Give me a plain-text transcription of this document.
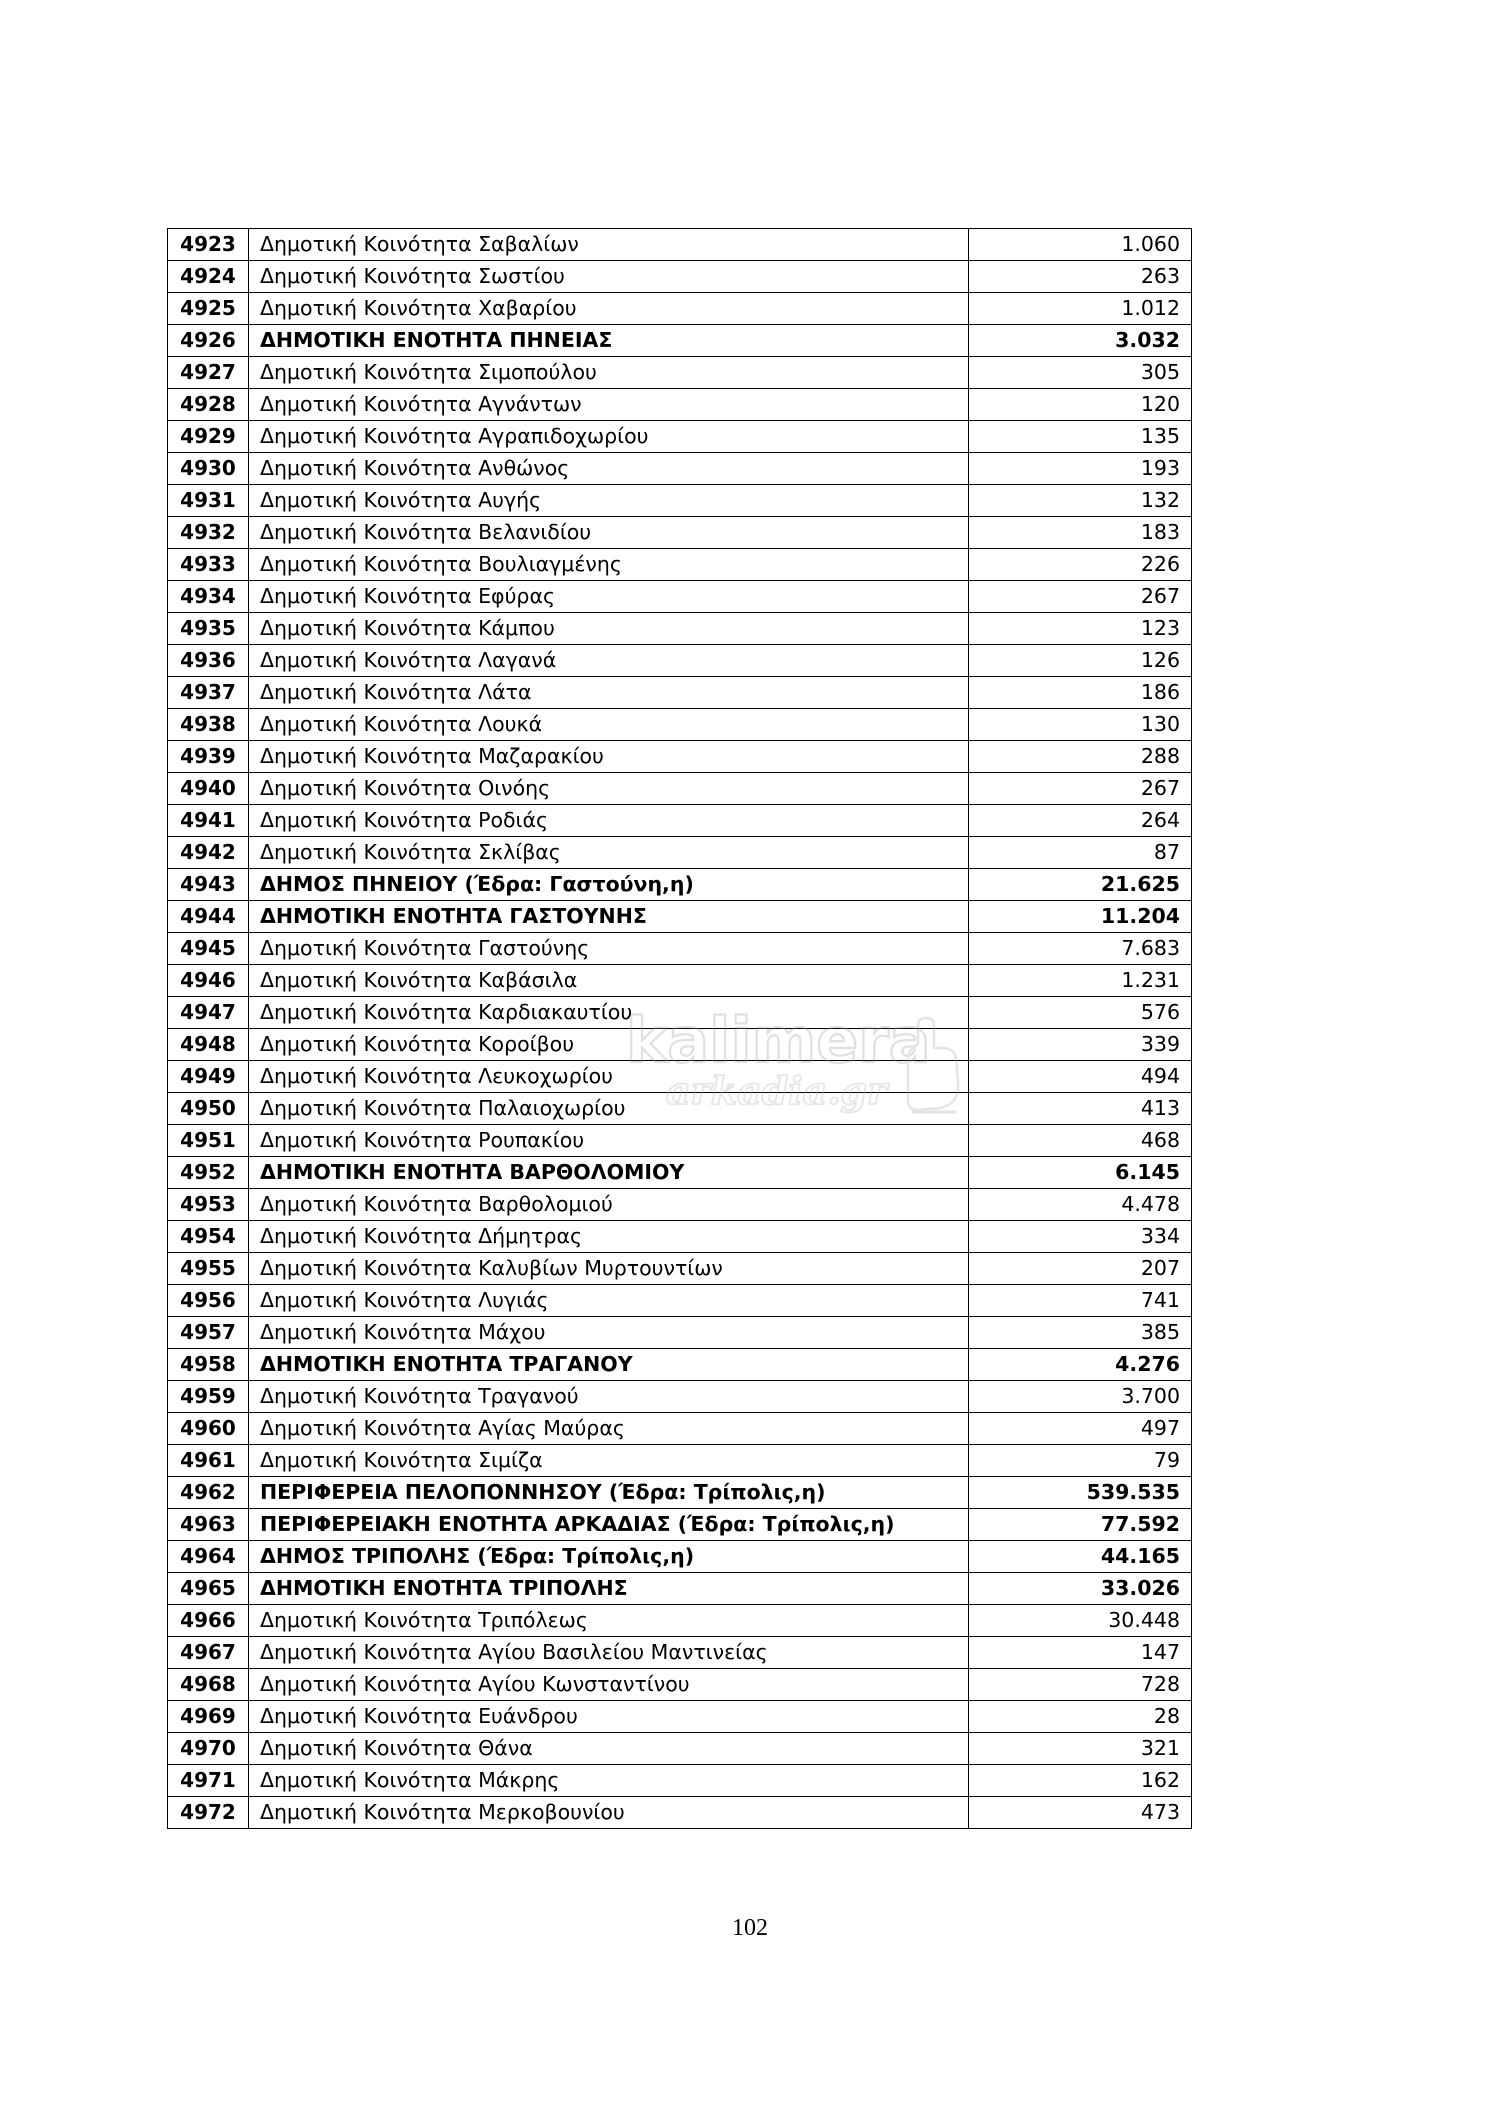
kalimera
arkadia.gr
4923	Δημοτική Κοινότητα Σαβαλίων	1.060
4924	Δημοτική Κοινότητα Σωστίου	263
4925	Δημοτική Κοινότητα Χαβαρίου	1.012
4926	ΔΗΜΟΤΙΚΗ ΕΝΟΤΗΤΑ ΠΗΝΕΙΑΣ	3.032
4927	Δημοτική Κοινότητα Σιμοπούλου	305
4928	Δημοτική Κοινότητα Αγνάντων	120
4929	Δημοτική Κοινότητα Αγραπιδοχωρίου	135
4930	Δημοτική Κοινότητα Ανθώνος	193
4931	Δημοτική Κοινότητα Αυγής	132
4932	Δημοτική Κοινότητα Βελανιδίου	183
4933	Δημοτική Κοινότητα Βουλιαγμένης	226
4934	Δημοτική Κοινότητα Εφύρας	267
4935	Δημοτική Κοινότητα Κάμπου	123
4936	Δημοτική Κοινότητα Λαγανά	126
4937	Δημοτική Κοινότητα Λάτα	186
4938	Δημοτική Κοινότητα Λουκά	130
4939	Δημοτική Κοινότητα Μαζαρακίου	288
4940	Δημοτική Κοινότητα Οινόης	267
4941	Δημοτική Κοινότητα Ροδιάς	264
4942	Δημοτική Κοινότητα Σκλίβας	87
4943	ΔΗΜΟΣ ΠΗΝΕΙΟΥ (Έδρα: Γαστούνη,η)	21.625
4944	ΔΗΜΟΤΙΚΗ ΕΝΟΤΗΤΑ ΓΑΣΤΟΥΝΗΣ	11.204
4945	Δημοτική Κοινότητα Γαστούνης	7.683
4946	Δημοτική Κοινότητα Καβάσιλα	1.231
4947	Δημοτική Κοινότητα Καρδιακαυτίου	576
4948	Δημοτική Κοινότητα Κοροίβου	339
4949	Δημοτική Κοινότητα Λευκοχωρίου	494
4950	Δημοτική Κοινότητα Παλαιοχωρίου	413
4951	Δημοτική Κοινότητα Ρουπακίου	468
4952	ΔΗΜΟΤΙΚΗ ΕΝΟΤΗΤΑ ΒΑΡΘΟΛΟΜΙΟΥ	6.145
4953	Δημοτική Κοινότητα Βαρθολομιού	4.478
4954	Δημοτική Κοινότητα Δήμητρας	334
4955	Δημοτική Κοινότητα Καλυβίων Μυρτουντίων	207
4956	Δημοτική Κοινότητα Λυγιάς	741
4957	Δημοτική Κοινότητα Μάχου	385
4958	ΔΗΜΟΤΙΚΗ ΕΝΟΤΗΤΑ ΤΡΑΓΑΝΟΥ	4.276
4959	Δημοτική Κοινότητα Τραγανού	3.700
4960	Δημοτική Κοινότητα Αγίας Μαύρας	497
4961	Δημοτική Κοινότητα Σιμίζα	79
4962	ΠΕΡΙΦΕΡΕΙΑ ΠΕΛΟΠΟΝΝΗΣΟΥ (Έδρα: Τρίπολις,η)	539.535
4963	ΠΕΡΙΦΕΡΕΙΑΚΗ ΕΝΟΤΗΤΑ ΑΡΚΑΔΙΑΣ (Έδρα: Τρίπολις,η)	77.592
4964	ΔΗΜΟΣ ΤΡΙΠΟΛΗΣ (Έδρα: Τρίπολις,η)	44.165
4965	ΔΗΜΟΤΙΚΗ ΕΝΟΤΗΤΑ ΤΡΙΠΟΛΗΣ	33.026
4966	Δημοτική Κοινότητα Τριπόλεως	30.448
4967	Δημοτική Κοινότητα Αγίου Βασιλείου Μαντινείας	147
4968	Δημοτική Κοινότητα Αγίου Κωνσταντίνου	728
4969	Δημοτική Κοινότητα Ευάνδρου	28
4970	Δημοτική Κοινότητα Θάνα	321
4971	Δημοτική Κοινότητα Μάκρης	162
4972	Δημοτική Κοινότητα Μερκοβουνίου	473
102
